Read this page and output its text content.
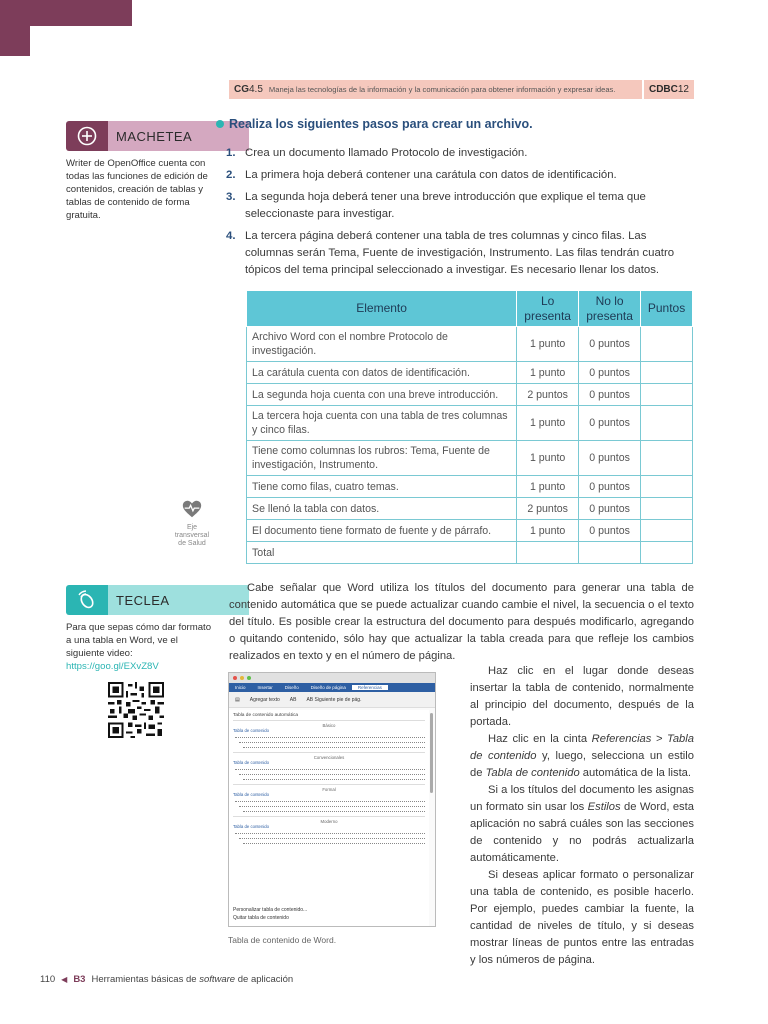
CG4.5 Maneja las tecnologías de la información y la comunicación para obtener información y expresar ideas.	CDBC 12
MACHETEA
Writer de OpenOffice cuenta con todas las funciones de edición de contenidos, creación de tablas y tablas de contenido de forma gratuita.
Eje transversal de Salud
TECLEA
Para que sepas cómo dar formato a una tabla en Word, ve el siguiente video:
https://goo.gl/EXvZ8V
Realiza los siguientes pasos para crear un archivo.
1. Crea un documento llamado Protocolo de investigación.
2. La primera hoja deberá contener una carátula con datos de identificación.
3. La segunda hoja deberá tener una breve introducción que explique el tema que seleccionaste para investigar.
4. La tercera página deberá contener una tabla de tres columnas y cinco filas. Las columnas serán Tema, Fuente de investigación, Instrumento. Las filas tendrán cuatro tópicos del tema principal seleccionado a investigar. Es necesario llenar los datos.
Elemento	Lo presenta	No lo presenta	Puntos
Archivo Word con el nombre Protocolo de investigación.	1 punto	0 puntos	
La carátula cuenta con datos de identificación.	1 punto	0 puntos	
La segunda hoja cuenta con una breve introducción.	2 puntos	0 puntos	
La tercera hoja cuenta con una tabla de tres columnas y cinco filas.	1 punto	0 puntos	
Tiene como columnas los rubros: Tema, Fuente de investigación, Instrumento.	1 punto	0 puntos	
Tiene como filas, cuatro temas.	1 punto	0 puntos	
Se llenó la tabla con datos.	2 puntos	0 puntos	
El documento tiene formato de fuente y de párrafo.	1 punto	0 puntos	
Total			
Cabe señalar que Word utiliza los títulos del documento para generar una tabla de contenido automática que se puede actualizar cuando cambie el nivel, la secuencia o el texto del título. Es posible crear la estructura del documento para después modificarlo, agregando o quitando contenido, sólo hay que actualizar la tabla creada para que refleje los cambios realizados en texto y en el número de página.
Inicio	Insertar	Diseño	Diseño de página	Referencias
▤ Agregar texto AB AB Siguiente pie de pág.
Tabla de contenido automática
Básico
Tabla de contenido
Convencionales
Tabla de contenido
Formal
Tabla de contenido
Moderno
Tabla de contenido
Personalizar tabla de contenido...
Quitar tabla de contenido
Tabla de contenido de Word.

Haz clic en el lugar donde deseas insertar la tabla de contenido, normalmente al principio del documento, después de la portada.

Haz clic en la cinta Referencias > Tabla de contenido y, luego, selecciona un estilo de Tabla de contenido automática de la lista.

Si a los títulos del documento les asignas un formato sin usar los Estilos de Word, esta aplicación no sabrá cuáles son las secciones de contenido y no podrás actualizarla automáticamente.

Si deseas aplicar formato o personalizar una tabla de contenido, es posible hacerlo. Por ejemplo, puedes cambiar la fuente, la cantidad de niveles de título, y si deseas mostrar líneas de puntos entre las entradas y los números de página.

110 ◀ B3 Herramientas básicas de software de aplicación
